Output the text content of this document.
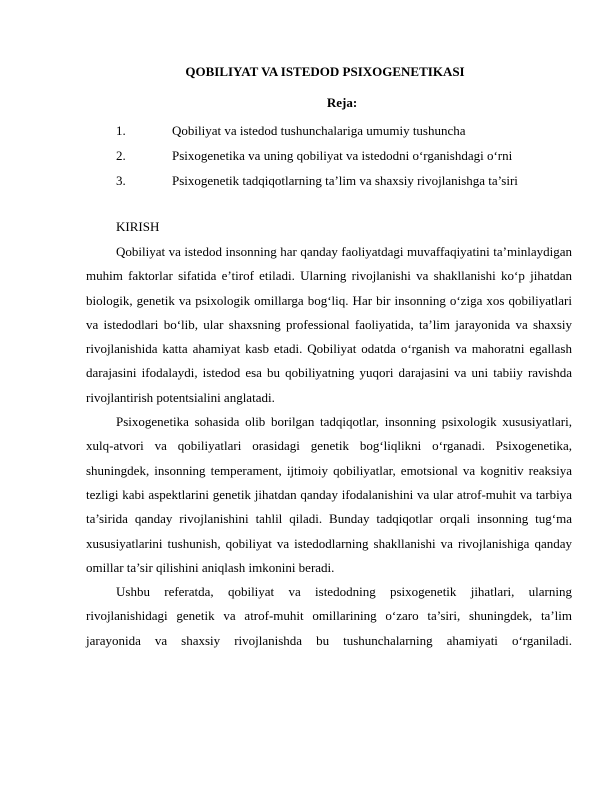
QOBILIYAT VA ISTEDOD PSIXOGENETIKASI
Reja:
1.	Qobiliyat va istedod tushunchalariga umumiy tushuncha
2.	Psixogenetika va uning qobiliyat va istedodni o‘rganishdagi o‘rni
3.	Psixogenetik tadqiqotlarning ta’lim va shaxsiy rivojlanishga ta’siri
KIRISH

Qobiliyat va istedod insonning har qanday faoliyatdagi muvaffaqiyatini ta’minlaydigan muhim faktorlar sifatida e’tirof etiladi. Ularning rivojlanishi va shakllanishi ko‘p jihatdan biologik, genetik va psixologik omillarga bog‘liq. Har bir insonning o‘ziga xos qobiliyatlari va istedodlari bo‘lib, ular shaxsning professional faoliyatida, ta’lim jarayonida va shaxsiy rivojlanishida katta ahamiyat kasb etadi. Qobiliyat odatda o‘rganish va mahoratni egallash darajasini ifodalaydi, istedod esa bu qobiliyatning yuqori darajasini va uni tabiiy ravishda rivojlantirish potentsialini anglatadi.

Psixogenetika sohasida olib borilgan tadqiqotlar, insonning psixologik xususiyatlari, xulq-atvori va qobiliyatlari orasidagi genetik bog‘liqlikni o‘rganadi. Psixogenetika, shuningdek, insonning temperament, ijtimoiy qobiliyatlar, emotsional va kognitiv reaksiya tezligi kabi aspektlarini genetik jihatdan qanday ifodalanishini va ular atrof-muhit va tarbiya ta’sirida qanday rivojlanishini tahlil qiladi. Bunday tadqiqotlar orqali insonning tug‘ma xususiyatlarini tushunish, qobiliyat va istedodlarning shakllanishi va rivojlanishiga qanday omillar ta’sir qilishini aniqlash imkonini beradi.

Ushbu referatda, qobiliyat va istedodning psixogenetik jihatlari, ularning rivojlanishidagi genetik va atrof-muhit omillarining o‘zaro ta’siri, shuningdek, ta’lim jarayonida va shaxsiy rivojlanishda bu tushunchalarning ahamiyati o‘rganiladi.
